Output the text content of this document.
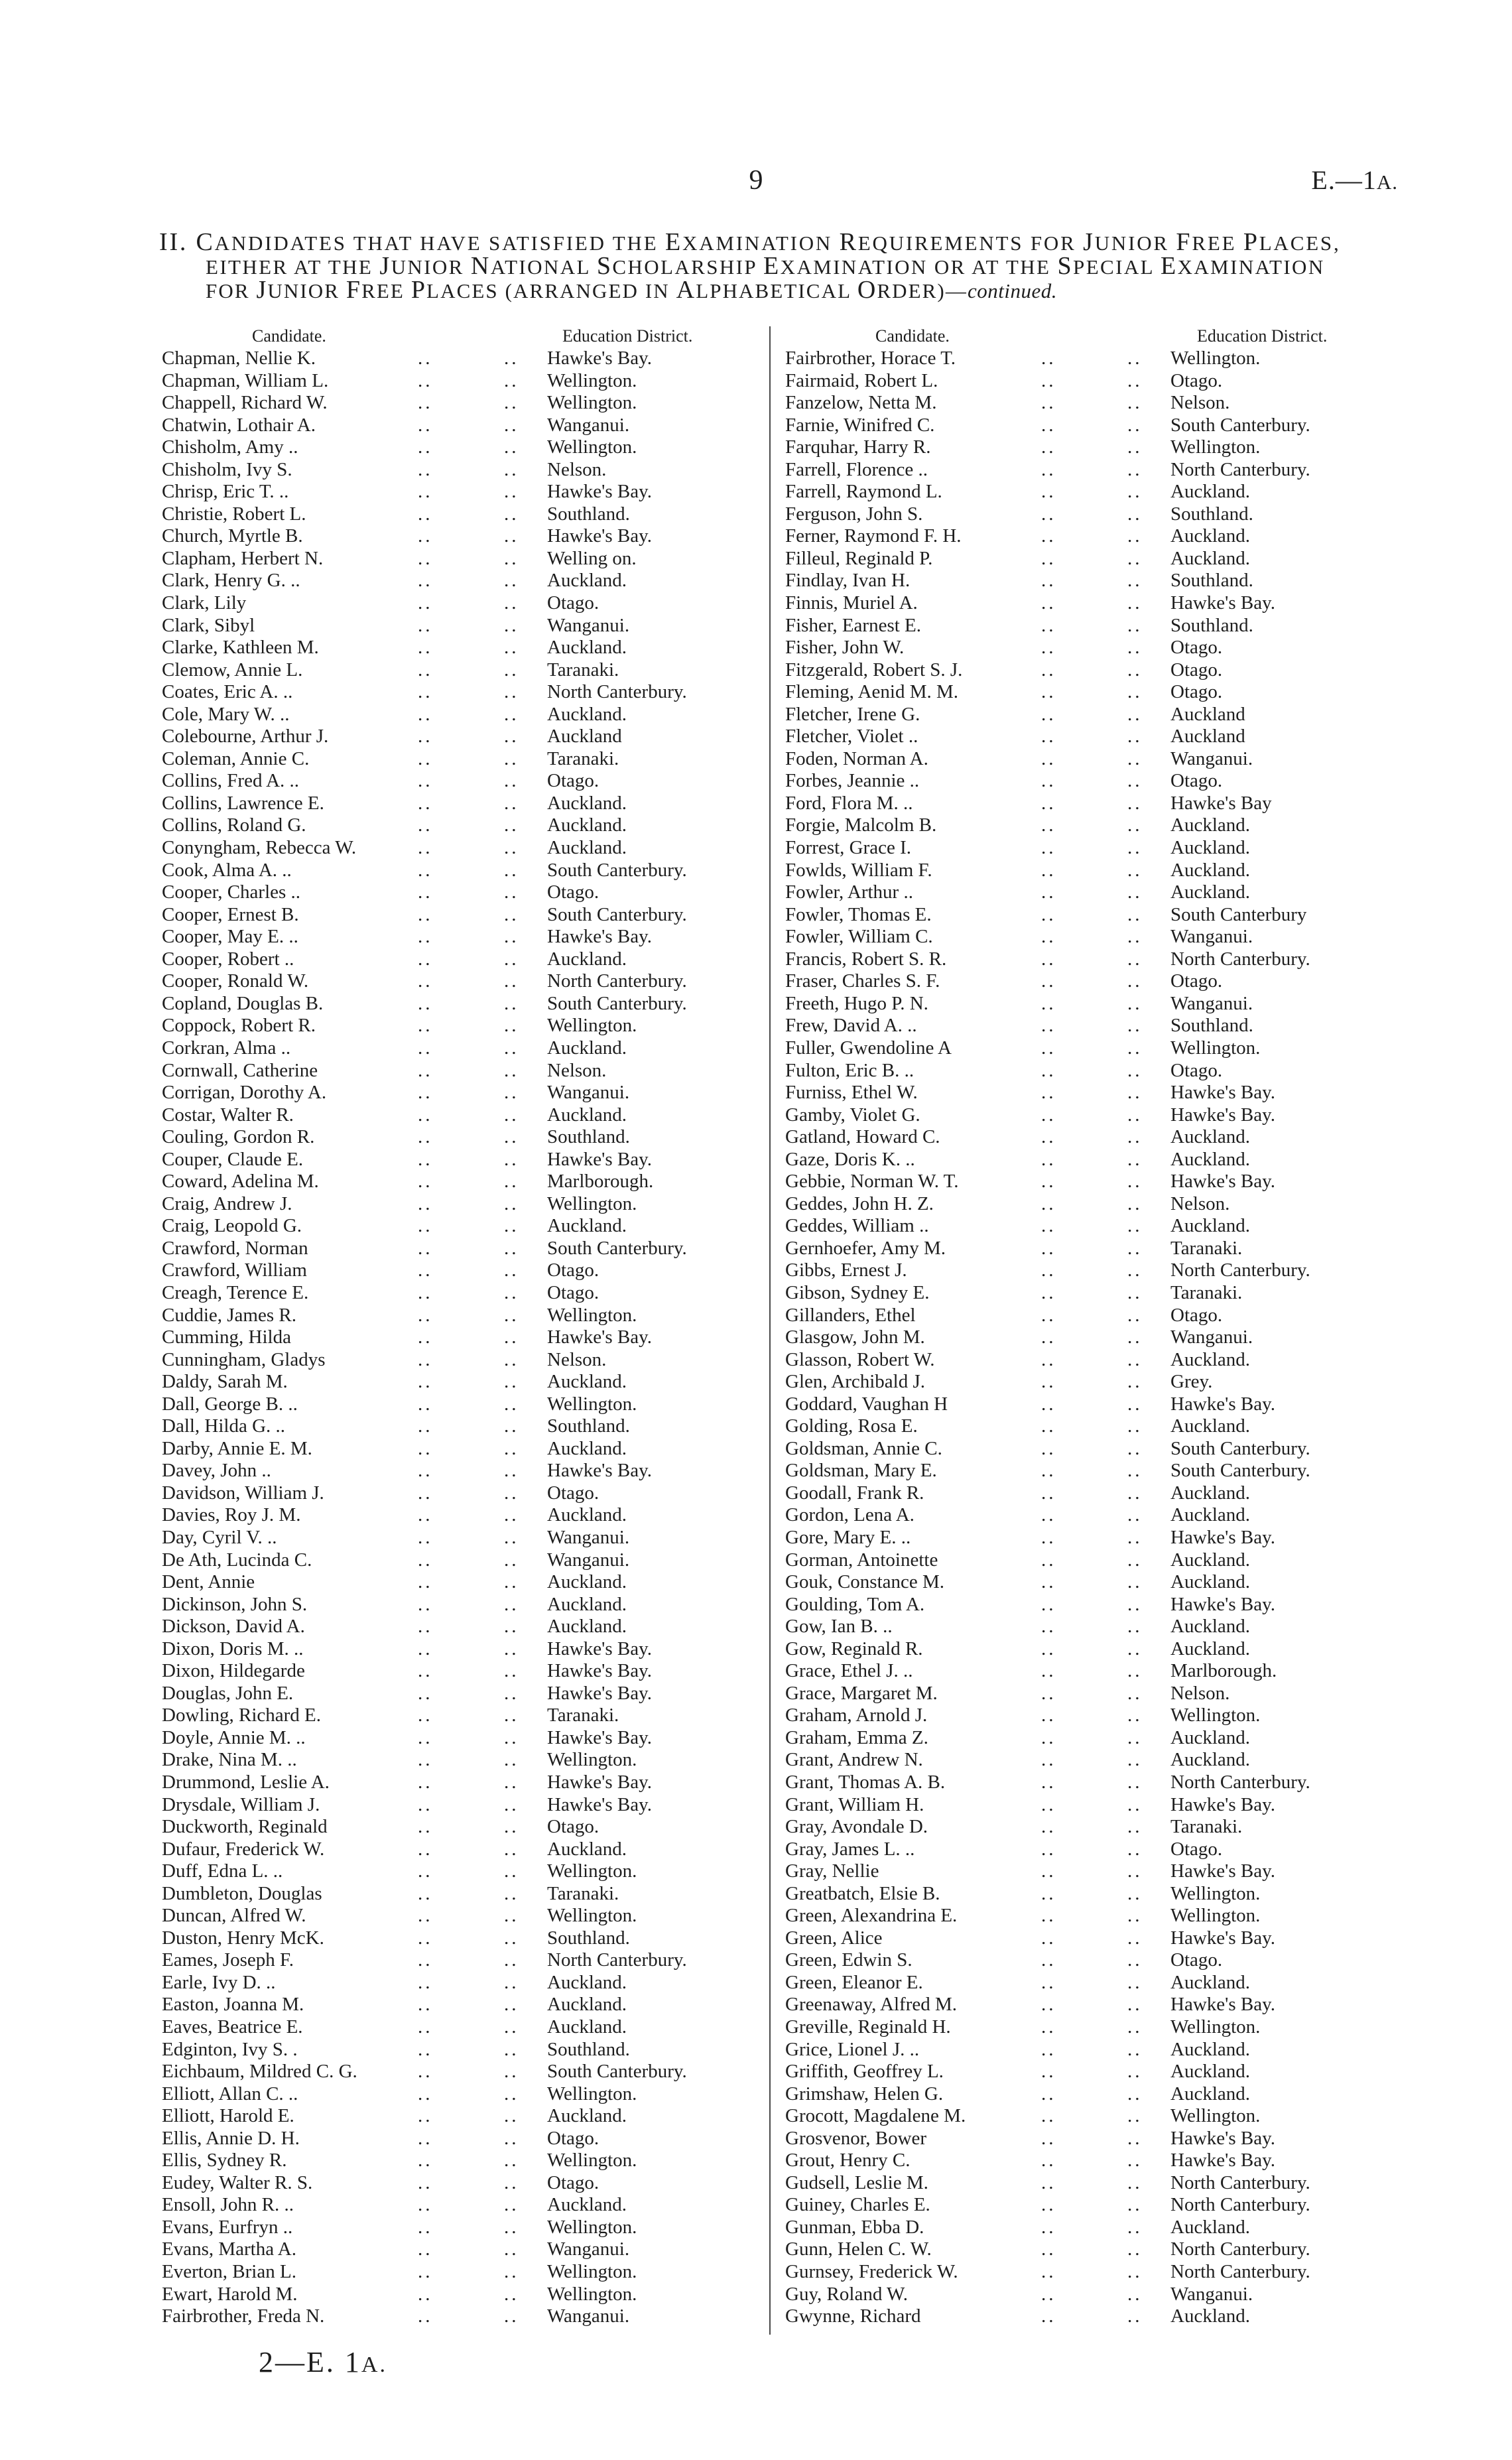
9	E.—1A.
II. CANDIDATES THAT HAVE SATISFIED THE EXAMINATION REQUIREMENTS FOR JUNIOR FREE PLACES,
EITHER AT THE JUNIOR NATIONAL SCHOLARSHIP EXAMINATION OR AT THE SPECIAL EXAMINATION
FOR JUNIOR FREE PLACES (ARRANGED IN ALPHABETICAL ORDER)—continued.
Candidate.	Education District.
Chapman, Nellie K.	..	.. Hawke's Bay.
Chapman, William L.	..	.. Wellington.
Chappell, Richard W.	..	.. Wellington.
Chatwin, Lothair A.	..	.. Wanganui.
Chisholm, Amy ..	..	.. Wellington.
Chisholm, Ivy S.	..	.. Nelson.
Chrisp, Eric T. ..	..	.. Hawke's Bay.
Christie, Robert L.	..	.. Southland.
Church, Myrtle B.	..	.. Hawke's Bay.
Clapham, Herbert N.	..	.. Welling on.
Clark, Henry G. ..	..	.. Auckland.
Clark, Lily	..	.. Otago.
Clark, Sibyl	..	.. Wanganui.
Clarke, Kathleen M.	..	.. Auckland.
Clemow, Annie L.	..	.. Taranaki.
Coates, Eric A. ..	..	.. North Canterbury.
Cole, Mary W. ..	..	.. Auckland.
Colebourne, Arthur J.	..	.. Auckland
Coleman, Annie C.	..	.. Taranaki.
Collins, Fred A. ..	..	.. Otago.
Collins, Lawrence E.	..	.. Auckland.
Collins, Roland G.	..	.. Auckland.
Conyngham, Rebecca W.	..	.. Auckland.
Cook, Alma A. ..	..	.. South Canterbury.
Cooper, Charles ..	..	.. Otago.
Cooper, Ernest B.	..	.. South Canterbury.
Cooper, May E. ..	..	.. Hawke's Bay.
Cooper, Robert ..	..	.. Auckland.
Cooper, Ronald W.	..	.. North Canterbury.
Copland, Douglas B.	..	.. South Canterbury.
Coppock, Robert R.	..	.. Wellington.
Corkran, Alma ..	..	.. Auckland.
Cornwall, Catherine	..	.. Nelson.
Corrigan, Dorothy A.	..	.. Wanganui.
Costar, Walter R.	..	.. Auckland.
Couling, Gordon R.	..	.. Southland.
Couper, Claude E.	..	.. Hawke's Bay.
Coward, Adelina M.	..	.. Marlborough.
Craig, Andrew J.	..	.. Wellington.
Craig, Leopold G.	..	.. Auckland.
Crawford, Norman	..	.. South Canterbury.
Crawford, William	..	.. Otago.
Creagh, Terence E.	..	.. Otago.
Cuddie, James R.	..	.. Wellington.
Cumming, Hilda	..	.. Hawke's Bay.
Cunningham, Gladys	..	.. Nelson.
Daldy, Sarah M.	..	.. Auckland.
Dall, George B. ..	..	.. Wellington.
Dall, Hilda G. ..	..	.. Southland.
Darby, Annie E. M.	..	.. Auckland.
Davey, John ..	..	.. Hawke's Bay.
Davidson, William J.	..	.. Otago.
Davies, Roy J. M.	..	.. Auckland.
Day, Cyril V. ..	..	.. Wanganui.
De Ath, Lucinda C.	..	.. Wanganui.
Dent, Annie	..	.. Auckland.
Dickinson, John S.	..	.. Auckland.
Dickson, David A.	..	.. Auckland.
Dixon, Doris M. ..	..	.. Hawke's Bay.
Dixon, Hildegarde	..	.. Hawke's Bay.
Douglas, John E.	..	.. Hawke's Bay.
Dowling, Richard E.	..	.. Taranaki.
Doyle, Annie M. ..	..	.. Hawke's Bay.
Drake, Nina M. ..	..	.. Wellington.
Drummond, Leslie A.	..	.. Hawke's Bay.
Drysdale, William J.	..	.. Hawke's Bay.
Duckworth, Reginald	..	.. Otago.
Dufaur, Frederick W.	..	.. Auckland.
Duff, Edna L. ..	..	.. Wellington.
Dumbleton, Douglas	..	.. Taranaki.
Duncan, Alfred W.	..	.. Wellington.
Duston, Henry McK.	..	.. Southland.
Eames, Joseph F.	..	.. North Canterbury.
Earle, Ivy D. ..	..	.. Auckland.
Easton, Joanna M.	..	.. Auckland.
Eaves, Beatrice E.	..	.. Auckland.
Edginton, Ivy S. .	..	.. Southland.
Eichbaum, Mildred C. G.	..	.. South Canterbury.
Elliott, Allan C. ..	..	.. Wellington.
Elliott, Harold E.	..	.. Auckland.
Ellis, Annie D. H.	..	.. Otago.
Ellis, Sydney R.	..	.. Wellington.
Eudey, Walter R. S.	..	.. Otago.
Ensoll, John R. ..	..	.. Auckland.
Evans, Eurfryn ..	..	.. Wellington.
Evans, Martha A.	..	.. Wanganui.
Everton, Brian L.	..	.. Wellington.
Ewart, Harold M.	..	.. Wellington.
Fairbrother, Freda N.	..	.. Wanganui.
Candidate.	Education District.
Fairbrother, Horace T.	..	.. Wellington.
Fairmaid, Robert L.	..	.. Otago.
Fanzelow, Netta M.	..	.. Nelson.
Farnie, Winifred C.	..	.. South Canterbury.
Farquhar, Harry R.	..	.. Wellington.
Farrell, Florence ..	..	.. North Canterbury.
Farrell, Raymond L.	..	.. Auckland.
Ferguson, John S.	..	.. Southland.
Ferner, Raymond F. H.	..	.. Auckland.
Filleul, Reginald P.	..	.. Auckland.
Findlay, Ivan H.	..	.. Southland.
Finnis, Muriel A.	..	.. Hawke's Bay.
Fisher, Earnest E.	..	.. Southland.
Fisher, John W.	..	.. Otago.
Fitzgerald, Robert S. J.	..	.. Otago.
Fleming, Aenid M. M.	..	.. Otago.
Fletcher, Irene G.	..	.. Auckland
Fletcher, Violet ..	..	.. Auckland
Foden, Norman A.	..	.. Wanganui.
Forbes, Jeannie ..	..	.. Otago.
Ford, Flora M. ..	..	.. Hawke's Bay
Forgie, Malcolm B.	..	.. Auckland.
Forrest, Grace I.	..	.. Auckland.
Fowlds, William F.	..	.. Auckland.
Fowler, Arthur ..	..	.. Auckland.
Fowler, Thomas E.	..	.. South Canterbury
Fowler, William C.	..	.. Wanganui.
Francis, Robert S. R.	..	.. North Canterbury.
Fraser, Charles S. F.	..	.. Otago.
Freeth, Hugo P. N.	..	.. Wanganui.
Frew, David A. ..	..	.. Southland.
Fuller, Gwendoline A	..	.. Wellington.
Fulton, Eric B. ..	..	.. Otago.
Furniss, Ethel W.	..	.. Hawke's Bay.
Gamby, Violet G.	..	.. Hawke's Bay.
Gatland, Howard C.	..	.. Auckland.
Gaze, Doris K. ..	..	.. Auckland.
Gebbie, Norman W. T.	..	.. Hawke's Bay.
Geddes, John H. Z.	..	.. Nelson.
Geddes, William ..	..	.. Auckland.
Gernhoefer, Amy M.	..	.. Taranaki.
Gibbs, Ernest J.	..	.. North Canterbury.
Gibson, Sydney E.	..	.. Taranaki.
Gillanders, Ethel	..	.. Otago.
Glasgow, John M.	..	.. Wanganui.
Glasson, Robert W.	..	.. Auckland.
Glen, Archibald J.	..	.. Grey.
Goddard, Vaughan H	..	.. Hawke's Bay.
Golding, Rosa E.	..	.. Auckland.
Goldsman, Annie C.	..	.. South Canterbury.
Goldsman, Mary E.	..	.. South Canterbury.
Goodall, Frank R.	..	.. Auckland.
Gordon, Lena A.	..	.. Auckland.
Gore, Mary E. ..	..	.. Hawke's Bay.
Gorman, Antoinette	..	.. Auckland.
Gouk, Constance M.	..	.. Auckland.
Goulding, Tom A.	..	.. Hawke's Bay.
Gow, Ian B. ..	..	.. Auckland.
Gow, Reginald R.	..	.. Auckland.
Grace, Ethel J. ..	..	.. Marlborough.
Grace, Margaret M.	..	.. Nelson.
Graham, Arnold J.	..	.. Wellington.
Graham, Emma Z.	..	.. Auckland.
Grant, Andrew N.	..	.. Auckland.
Grant, Thomas A. B.	..	.. North Canterbury.
Grant, William H.	..	.. Hawke's Bay.
Gray, Avondale D.	..	.. Taranaki.
Gray, James L. ..	..	.. Otago.
Gray, Nellie	..	.. Hawke's Bay.
Greatbatch, Elsie B.	..	.. Wellington.
Green, Alexandrina E.	..	.. Wellington.
Green, Alice	..	.. Hawke's Bay.
Green, Edwin S.	..	.. Otago.
Green, Eleanor E.	..	.. Auckland.
Greenaway, Alfred M.	..	.. Hawke's Bay.
Greville, Reginald H.	..	.. Wellington.
Grice, Lionel J. ..	..	.. Auckland.
Griffith, Geoffrey L.	..	.. Auckland.
Grimshaw, Helen G.	..	.. Auckland.
Grocott, Magdalene M.	..	.. Wellington.
Grosvenor, Bower	..	.. Hawke's Bay.
Grout, Henry C.	..	.. Hawke's Bay.
Gudsell, Leslie M.	..	.. North Canterbury.
Guiney, Charles E.	..	.. North Canterbury.
Gunman, Ebba D.	..	.. Auckland.
Gunn, Helen C. W.	..	.. North Canterbury.
Gurnsey, Frederick W.	..	.. North Canterbury.
Guy, Roland W.	..	.. Wanganui.
Gwynne, Richard	..	.. Auckland.
2—E. 1A.
